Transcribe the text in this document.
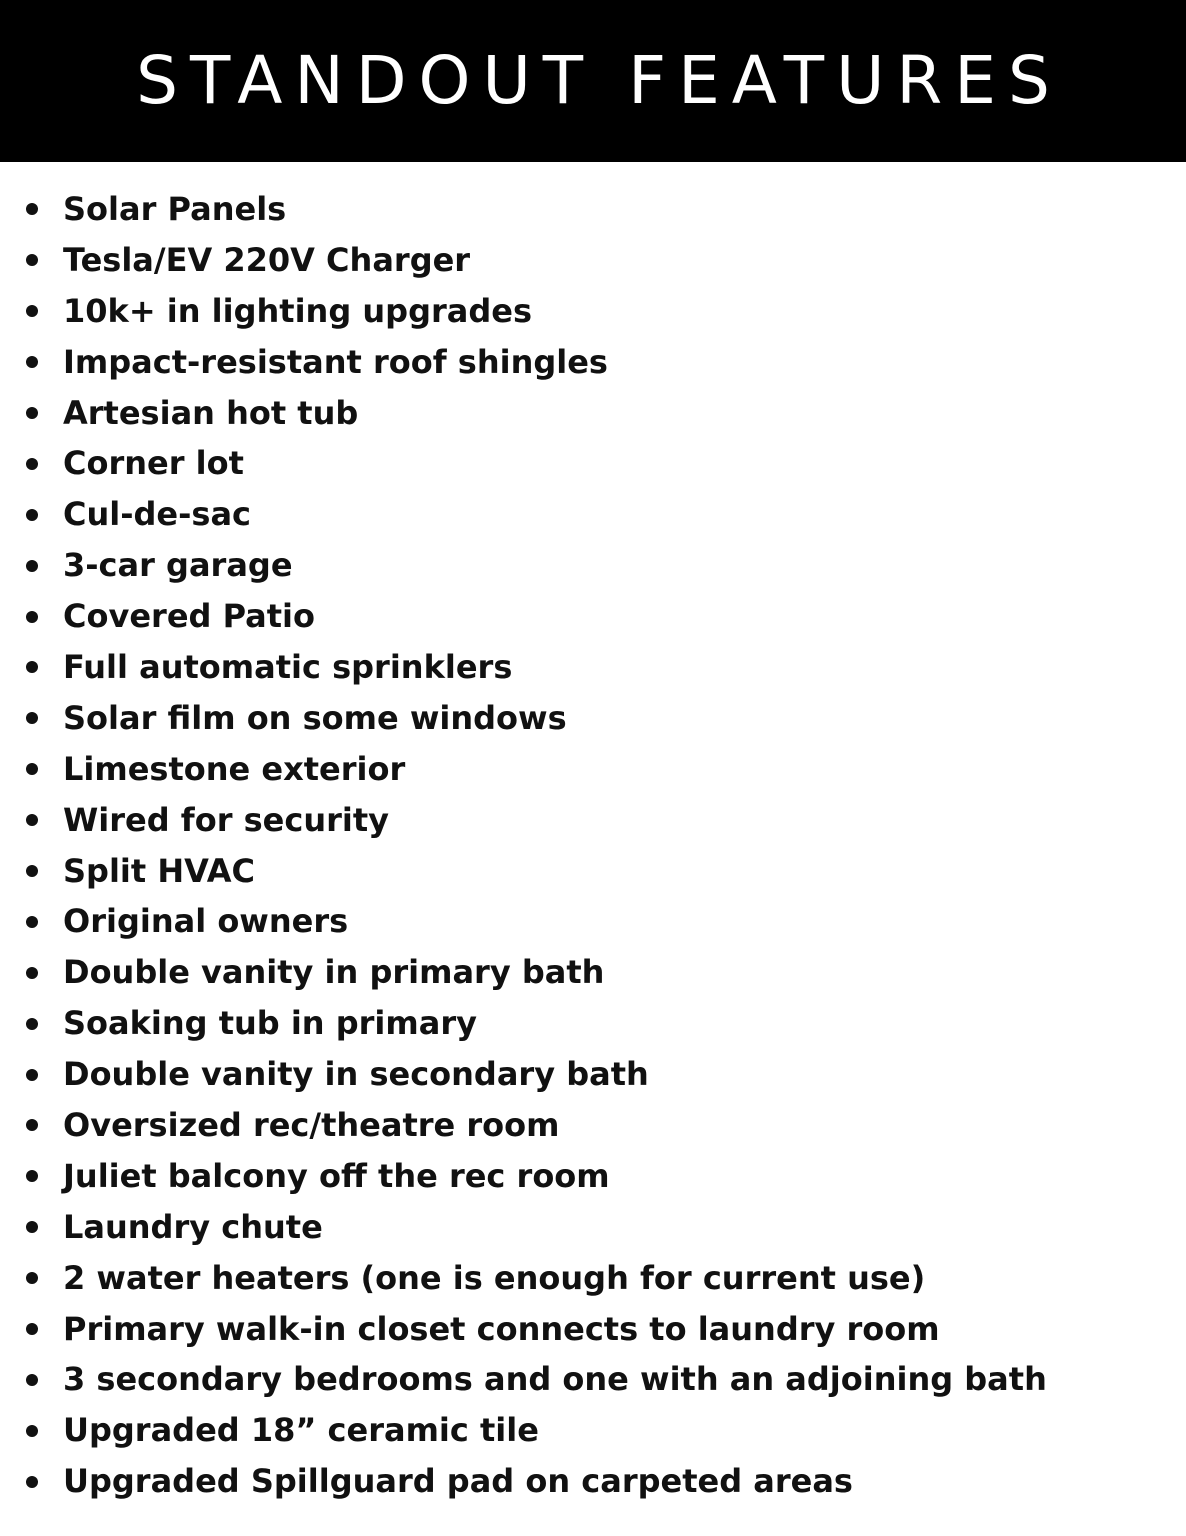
STANDOUT FEATURES
Solar Panels
Tesla/EV 220V Charger
10k+ in lighting upgrades
Impact-resistant roof shingles
Artesian hot tub
Corner lot
Cul-de-sac
3-car garage
Covered Patio
Full automatic sprinklers
Solar film on some windows
Limestone exterior
Wired for security
Split HVAC
Original owners
Double vanity in primary bath
Soaking tub in primary
Double vanity in secondary bath
Oversized rec/theatre room
Juliet balcony off the rec room
Laundry chute
2 water heaters (one is enough for current use)
Primary walk-in closet connects to laundry room
3 secondary bedrooms and one with an adjoining bath
Upgraded 18” ceramic tile
Upgraded Spillguard pad on carpeted areas
